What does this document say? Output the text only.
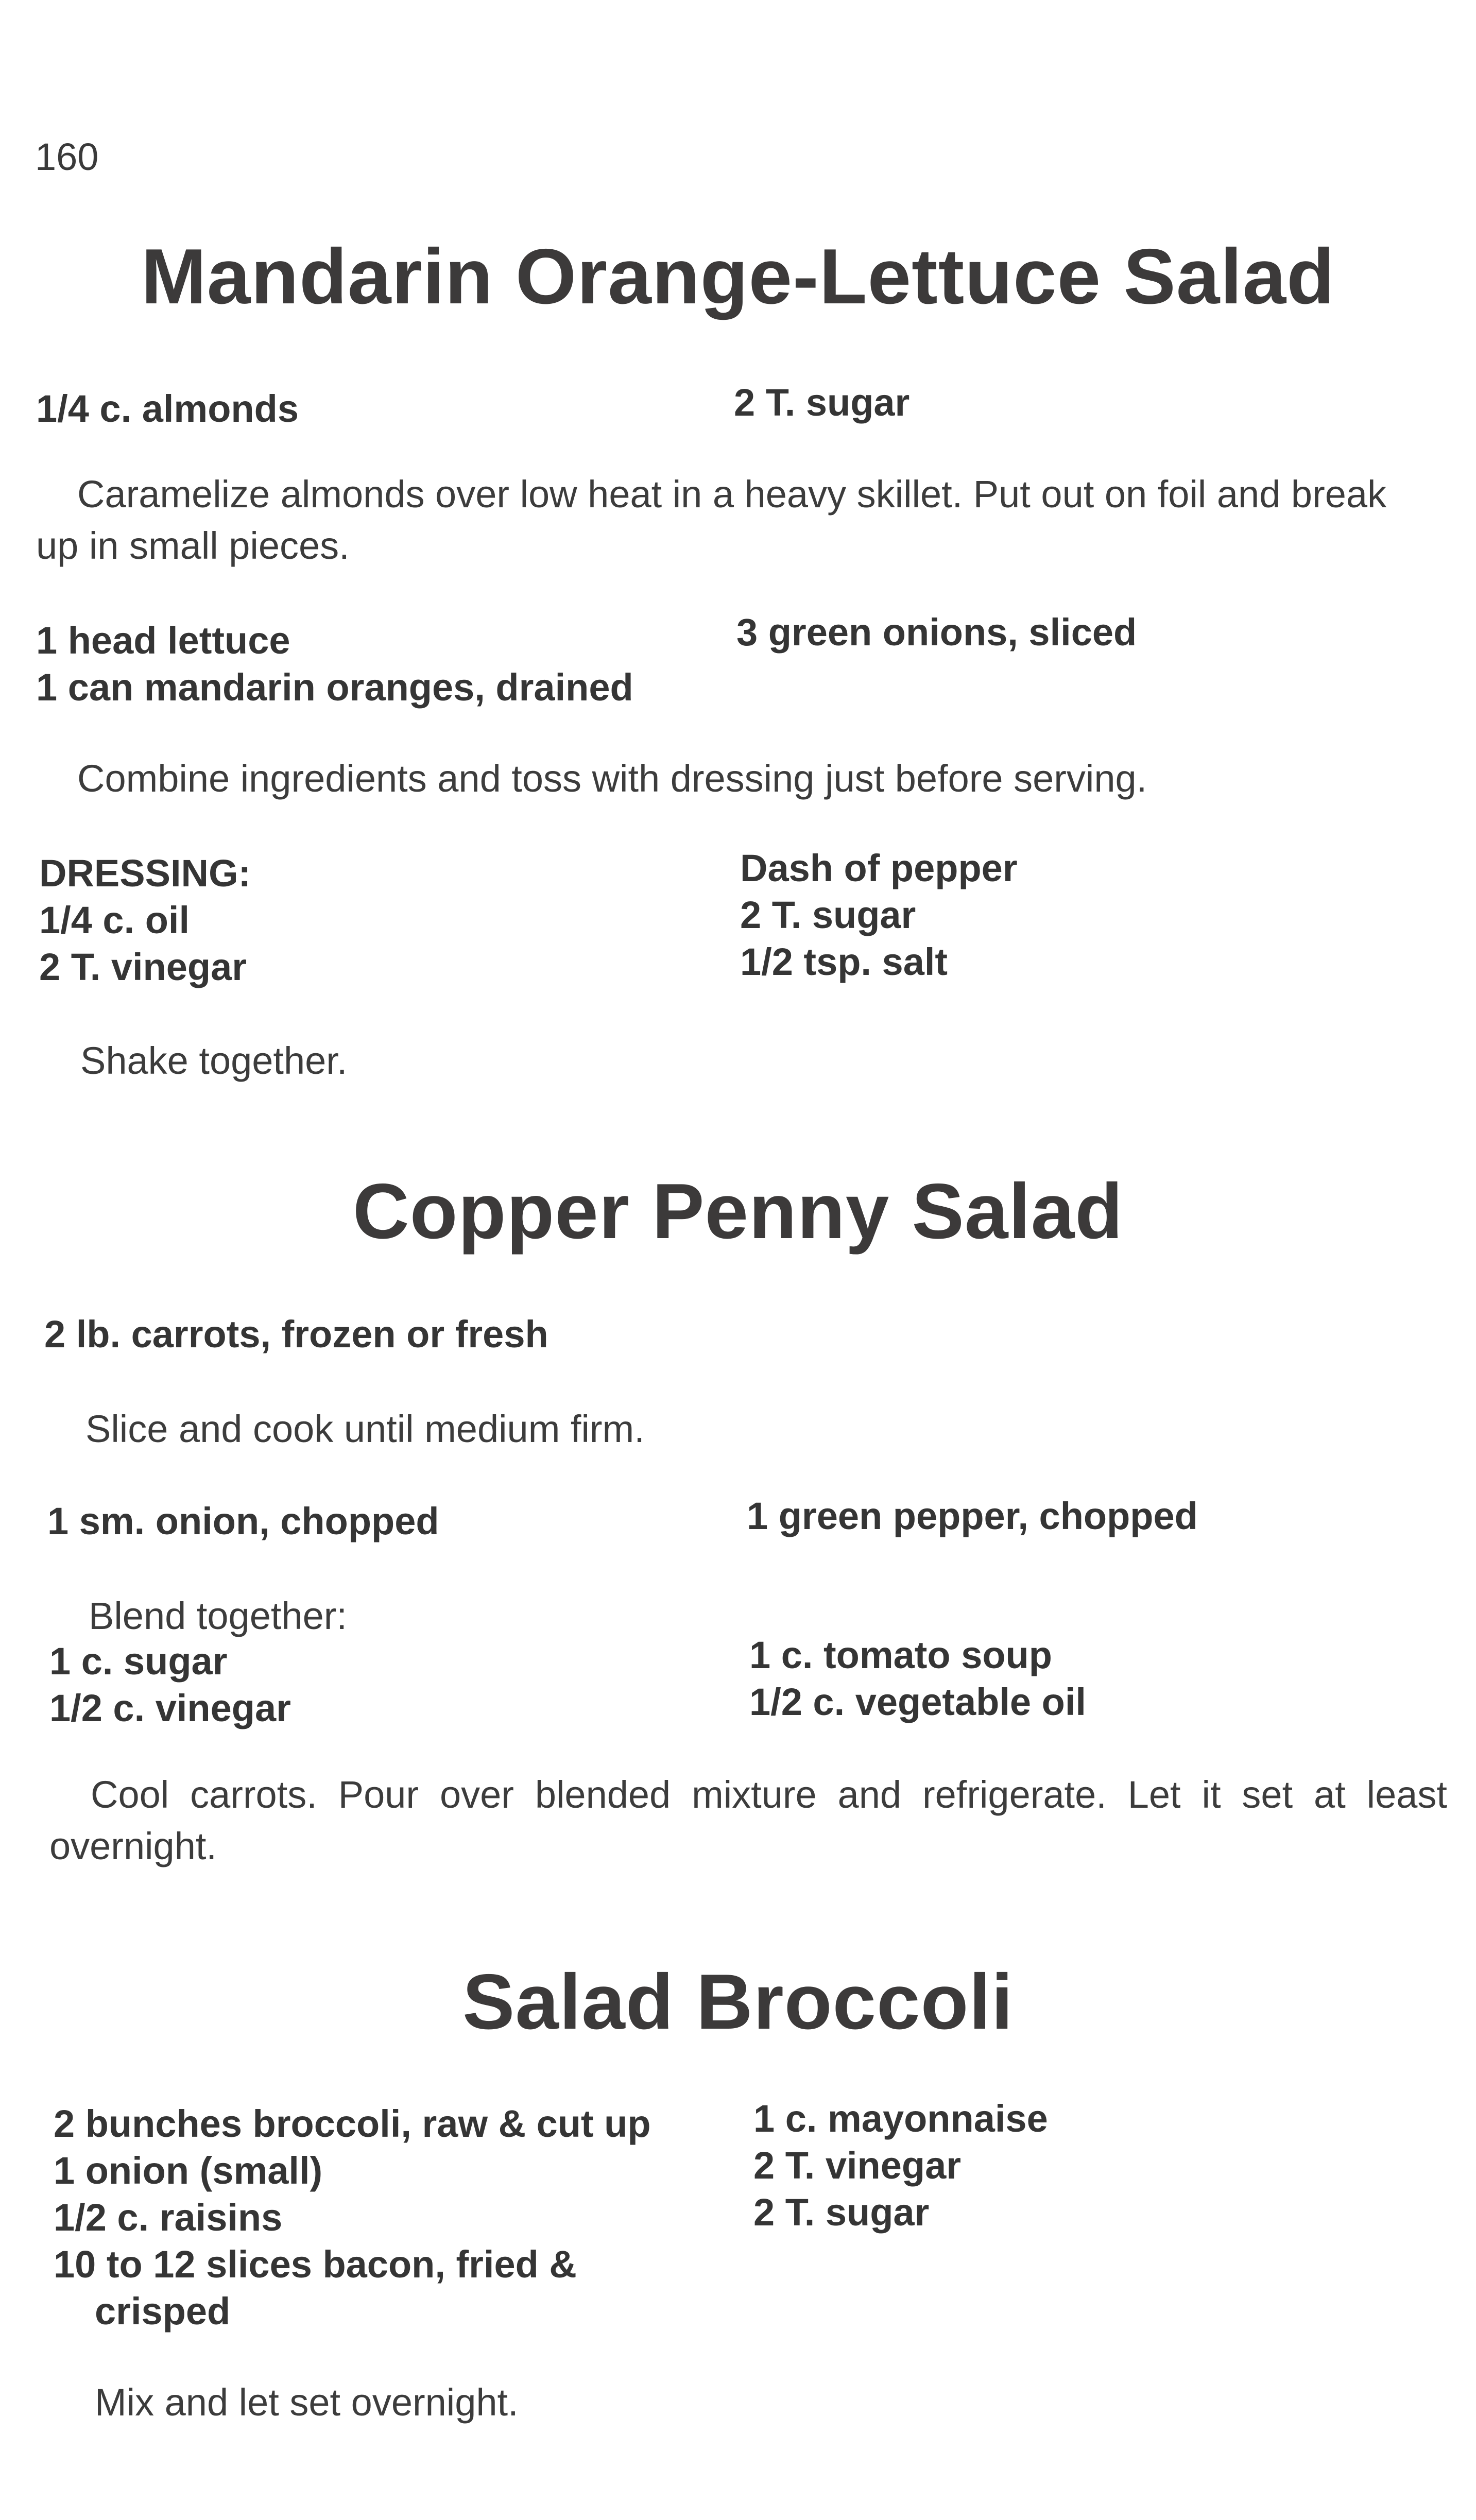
160
Mandarin Orange-Lettuce Salad
1/4 c. almonds	2 T. sugar
Caramelize almonds over low heat in a heavy skillet. Put out on foil and break up in small pieces.
1 head lettuce
1 can mandarin oranges, drained
3 green onions, sliced
Combine ingredients and toss with dressing just before serving.
DRESSING:
1/4 c. oil
2 T. vinegar
Dash of pepper
2 T. sugar
1/2 tsp. salt
Shake together.
Copper Penny Salad
2 lb. carrots, frozen or fresh
Slice and cook until medium firm.
1 sm. onion, chopped	1 green pepper, chopped
Blend together:
1 c. sugar
1/2 c. vinegar
1 c. tomato soup
1/2 c. vegetable oil
Cool carrots. Pour over blended mixture and refrigerate. Let it set at least overnight.
Salad Broccoli
2 bunches broccoli, raw & cut up
1 onion (small)
1/2 c. raisins
10 to 12 slices bacon, fried &
crisped
1 c. mayonnaise
2 T. vinegar
2 T. sugar
Mix and let set overnight.
